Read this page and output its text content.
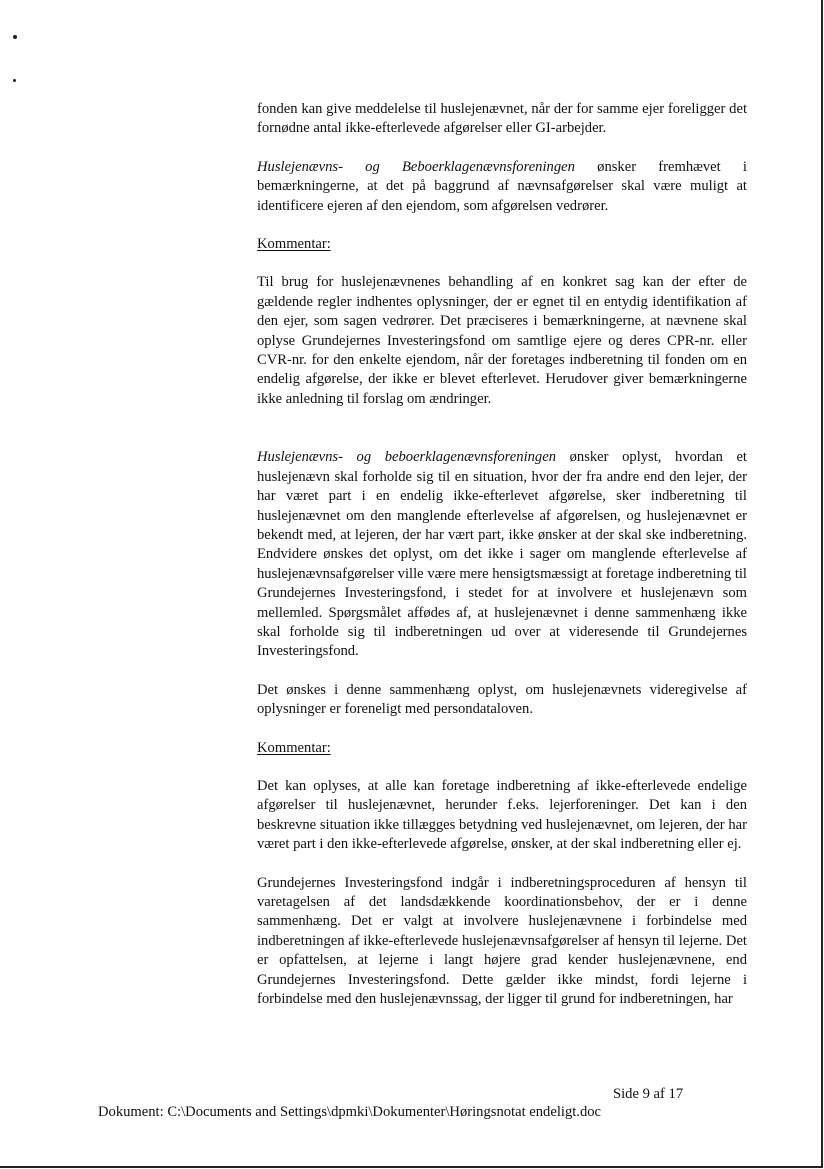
fonden kan give meddelelse til huslejenævnet, når der for samme ejer foreligger det fornødne antal ikke-efterlevede afgørelser eller GI-arbejder.

Huslejenævns- og Beboerklagenævnsforeningen ønsker fremhævet i bemærkningerne, at det på baggrund af nævnsafgørelser skal være muligt at identificere ejeren af den ejendom, som afgørelsen vedrører.

Kommentar:

Til brug for huslejenævnenes behandling af en konkret sag kan der efter de gældende regler indhentes oplysninger, der er egnet til en entydig identifikation af den ejer, som sagen vedrører. Det præciseres i bemærkningerne, at nævnene skal oplyse Grundejernes Investeringsfond om samtlige ejere og deres CPR-nr. eller CVR-nr. for den enkelte ejendom, når der foretages indberetning til fonden om en endelig afgørelse, der ikke er blevet efterlevet. Herudover giver bemærkningerne ikke anledning til forslag om ændringer.

Huslejenævns- og beboerklagenævnsforeningen ønsker oplyst, hvordan et huslejenævn skal forholde sig til en situation, hvor der fra andre end den lejer, der har været part i en endelig ikke-efterlevet afgørelse, sker indberetning til huslejenævnet om den manglende efterlevelse af afgørelsen, og huslejenævnet er bekendt med, at lejeren, der har vært part, ikke ønsker at der skal ske indberetning. Endvidere ønskes det oplyst, om det ikke i sager om manglende efterlevelse af huslejenævnsafgørelser ville være mere hensigtsmæssigt at foretage indberetning til Grundejernes Investeringsfond, i stedet for at involvere et huslejenævn som mellemled. Spørgsmålet affødes af, at huslejenævnet i denne sammenhæng ikke skal forholde sig til indberetningen ud over at videresende til Grundejernes Investeringsfond.

Det ønskes i denne sammenhæng oplyst, om huslejenævnets videregivelse af oplysninger er foreneligt med persondataloven.

Kommentar:

Det kan oplyses, at alle kan foretage indberetning af ikke-efterlevede endelige afgørelser til huslejenævnet, herunder f.eks. lejerforeninger. Det kan i den beskrevne situation ikke tillægges betydning ved huslejenævnet, om lejeren, der har været part i den ikke-efterlevede afgørelse, ønsker, at der skal indberetning eller ej.

Grundejernes Investeringsfond indgår i indberetningsproceduren af hensyn til varetagelsen af det landsdækkende koordinationsbehov, der er i denne sammenhæng. Det er valgt at involvere huslejenævnene i forbindelse med indberetningen af ikke-efterlevede huslejenævnsafgørelser af hensyn til lejerne. Det er opfattelsen, at lejerne i langt højere grad kender huslejenævnene, end Grundejernes Investeringsfond. Dette gælder ikke mindst, fordi lejerne i forbindelse med den huslejenævnssag, der ligger til grund for indberetningen, har

Side 9 af 17
Dokument: C:\Documents and Settings\dpmki\Dokumenter\Høringsnotat endeligt.doc
